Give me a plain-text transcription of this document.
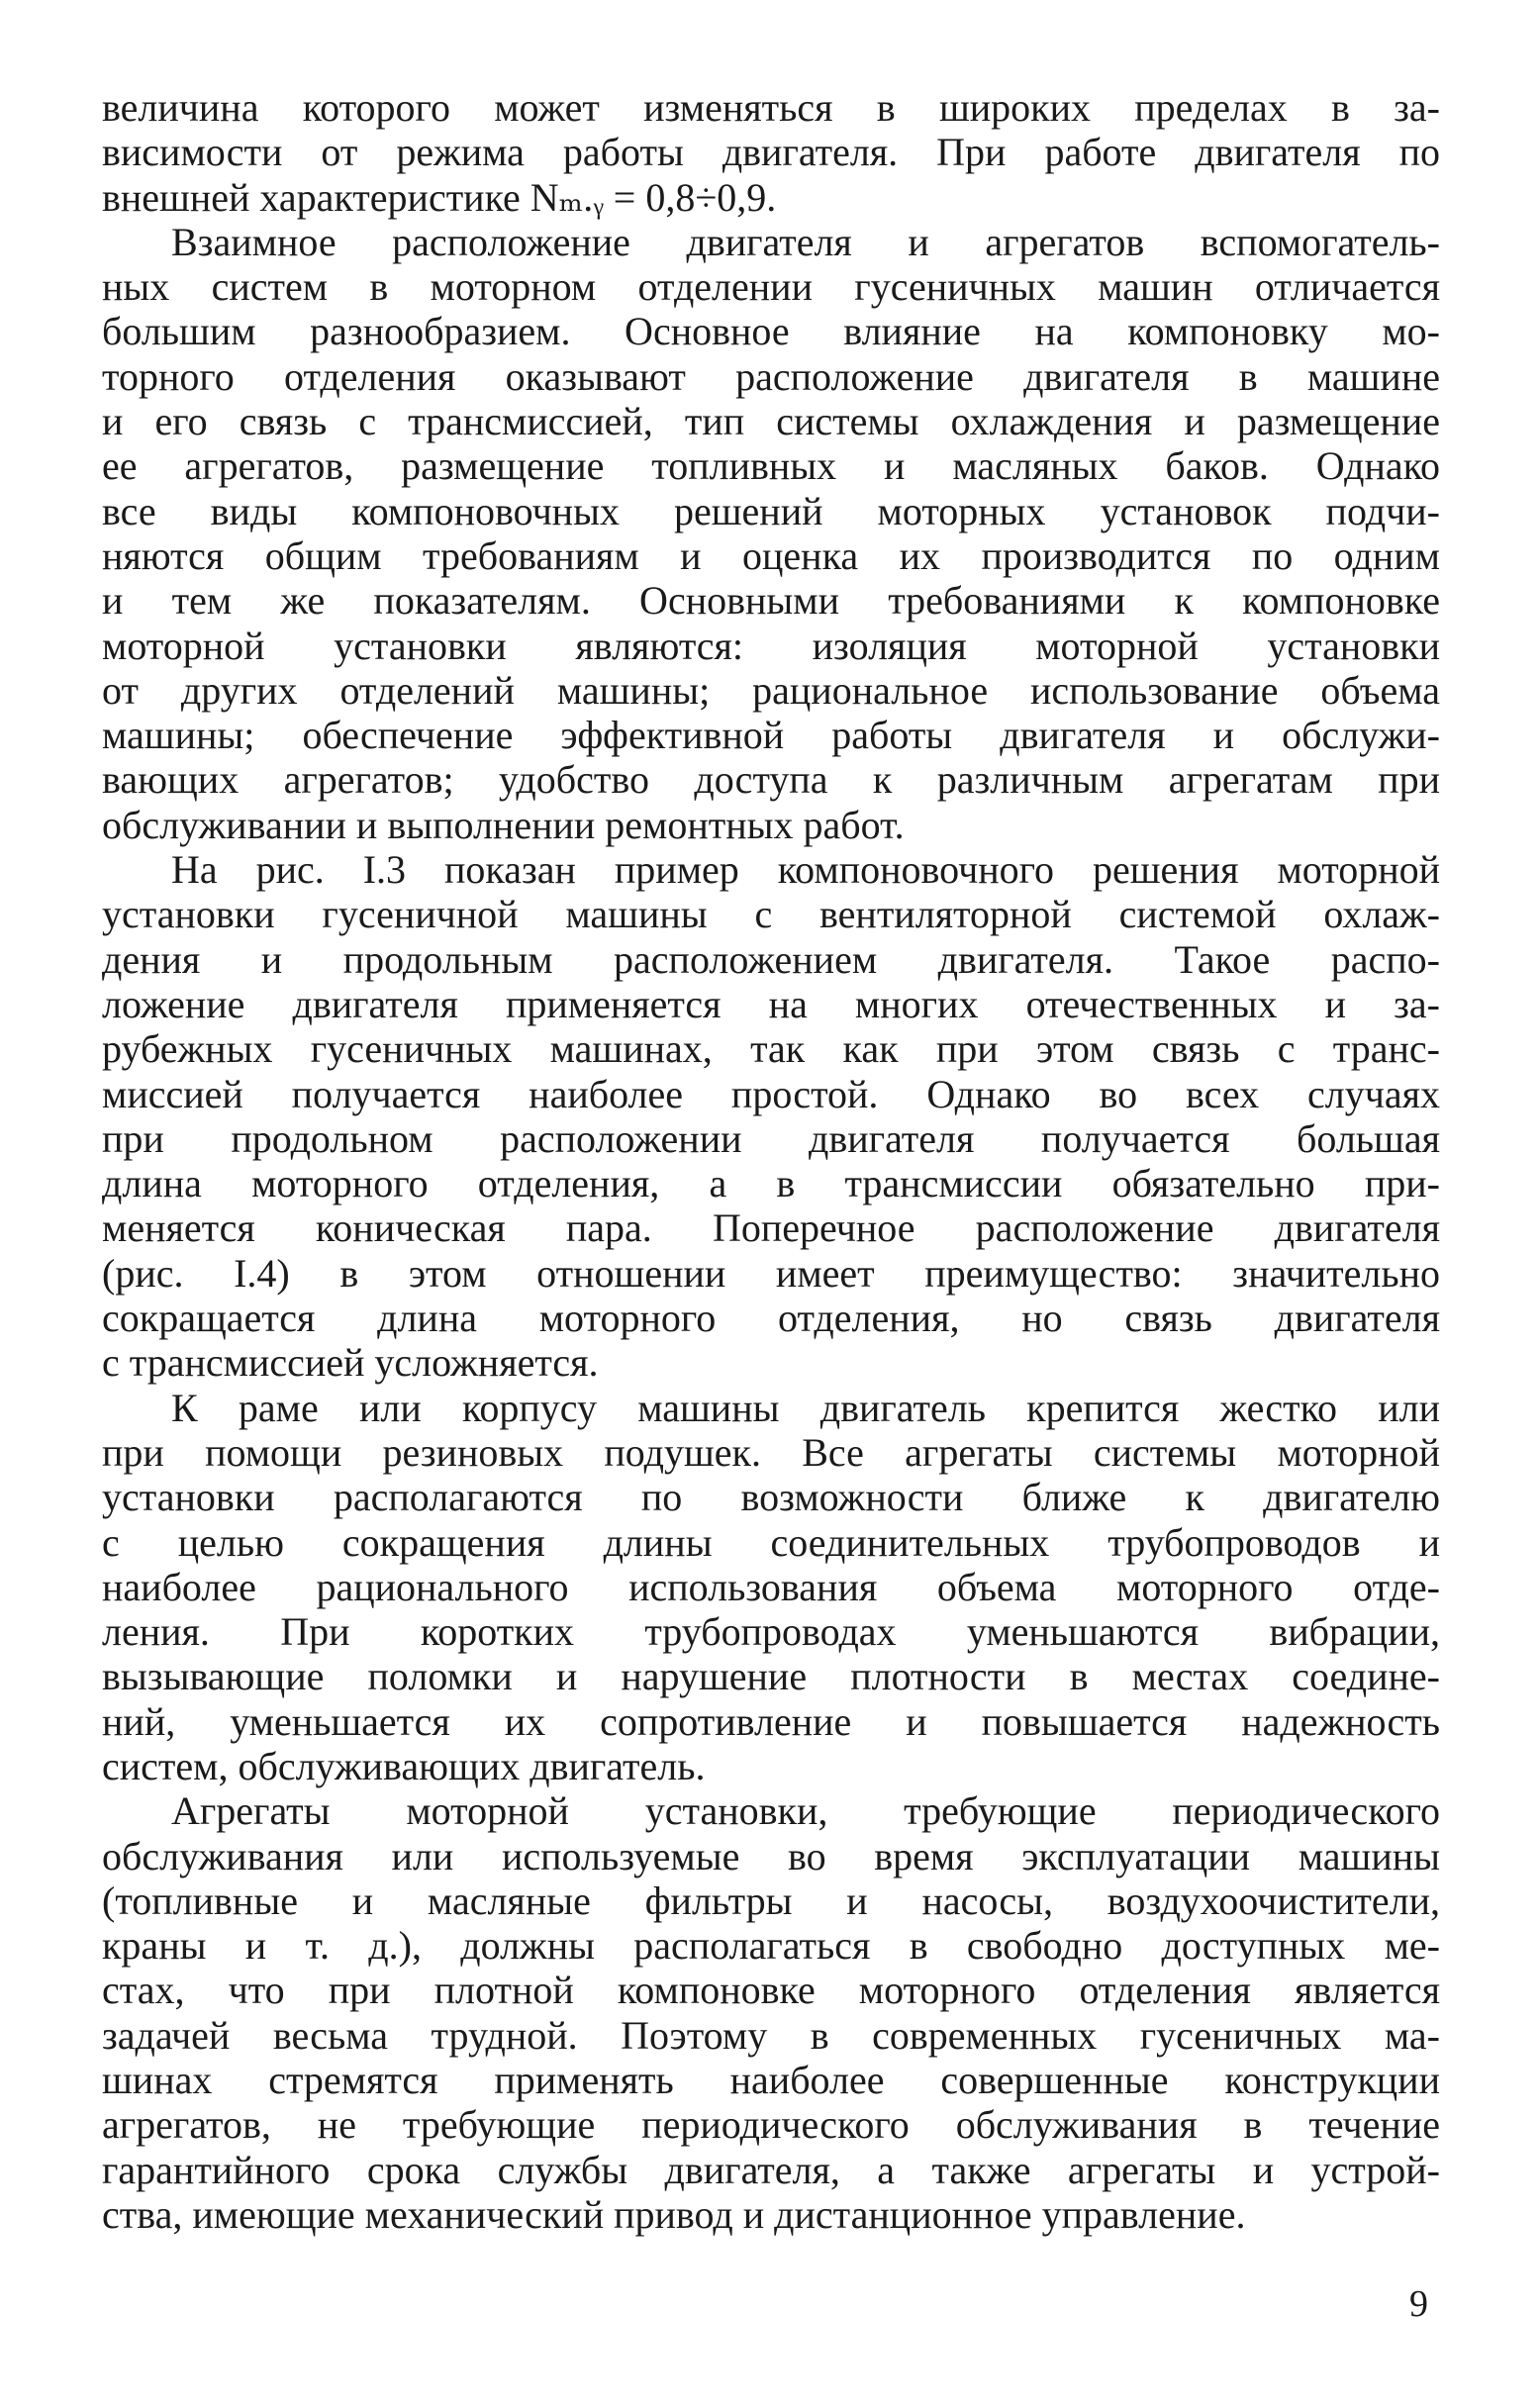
величина которого может изменяться в широких пределах в за-
висимости от режима работы двигателя. При работе двигателя по
внешней характеристике Nₘ.ᵧ = 0,8÷0,9.
Взаимное расположение двигателя и агрегатов вспомогатель-
ных систем в моторном отделении гусеничных машин отличается
большим разнообразием. Основное влияние на компоновку мо-
торного отделения оказывают расположение двигателя в машине
и его связь с трансмиссией, тип системы охлаждения и размещение
ее агрегатов, размещение топливных и масляных баков. Однако
все виды компоновочных решений моторных установок подчи-
няются общим требованиям и оценка их производится по одним
и тем же показателям. Основными требованиями к компоновке
моторной установки являются: изоляция моторной установки
от других отделений машины; рациональное использование объема
машины; обеспечение эффективной работы двигателя и обслужи-
вающих агрегатов; удобство доступа к различным агрегатам при
обслуживании и выполнении ремонтных работ.
На рис. I.3 показан пример компоновочного решения моторной
установки гусеничной машины с вентиляторной системой охлаж-
дения и продольным расположением двигателя. Такое распо-
ложение двигателя применяется на многих отечественных и за-
рубежных гусеничных машинах, так как при этом связь с транс-
миссией получается наиболее простой. Однако во всех случаях
при продольном расположении двигателя получается большая
длина моторного отделения, а в трансмиссии обязательно при-
меняется коническая пара. Поперечное расположение двигателя
(рис. I.4) в этом отношении имеет преимущество: значительно
сокращается длина моторного отделения, но связь двигателя
с трансмиссией усложняется.
К раме или корпусу машины двигатель крепится жестко или
при помощи резиновых подушек. Все агрегаты системы моторной
установки располагаются по возможности ближе к двигателю
с целью сокращения длины соединительных трубопроводов и
наиболее рационального использования объема моторного отде-
ления. При коротких трубопроводах уменьшаются вибрации,
вызывающие поломки и нарушение плотности в местах соедине-
ний, уменьшается их сопротивление и повышается надежность
систем, обслуживающих двигатель.
Агрегаты моторной установки, требующие периодического
обслуживания или используемые во время эксплуатации машины
(топливные и масляные фильтры и насосы, воздухоочистители,
краны и т. д.), должны располагаться в свободно доступных ме-
стах, что при плотной компоновке моторного отделения является
задачей весьма трудной. Поэтому в современных гусеничных ма-
шинах стремятся применять наиболее совершенные конструкции
агрегатов, не требующие периодического обслуживания в течение
гарантийного срока службы двигателя, а также агрегаты и устрой-
ства, имеющие механический привод и дистанционное управление.
9
